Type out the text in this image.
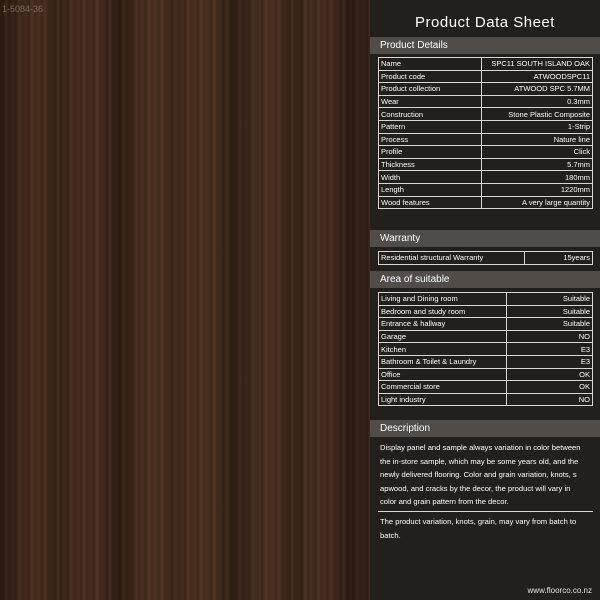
1-5084-36
Product Data Sheet
Product Details
Name	SPC11 SOUTH ISLAND OAK
Product code	ATWOODSPC11
Product collection	ATWOOD SPC 5.7MM
Wear	0.3mm
Construction	Stone Plastic Composite
Pattern	1-Strip
Process	Nature line
Profile	Click
Thickness	5.7mm
Width	180mm
Length	1220mm
Wood features	A very large quantity
Warranty
Residential structural Warranty	15years
Area of suitable
Living and Dining room	Suitable
Bedroom and study room	Suitable
Entrance & hallway	Suitable
Garage	NO
Kitchen	E3
Bathroom & Toilet & Laundry	E3
Office	OK
Commercial store	OK
Light industry	NO
Description
Display panel and sample always variation in color between the in-store sample, which may be some years old, and the newly delivered flooring. Color and grain variation, knots, s apwood, and cracks by the decor, the product will vary in color and grain pattern from the decor.
The product variation, knots, grain, may vary from batch to batch.
www.floorco.co.nz
